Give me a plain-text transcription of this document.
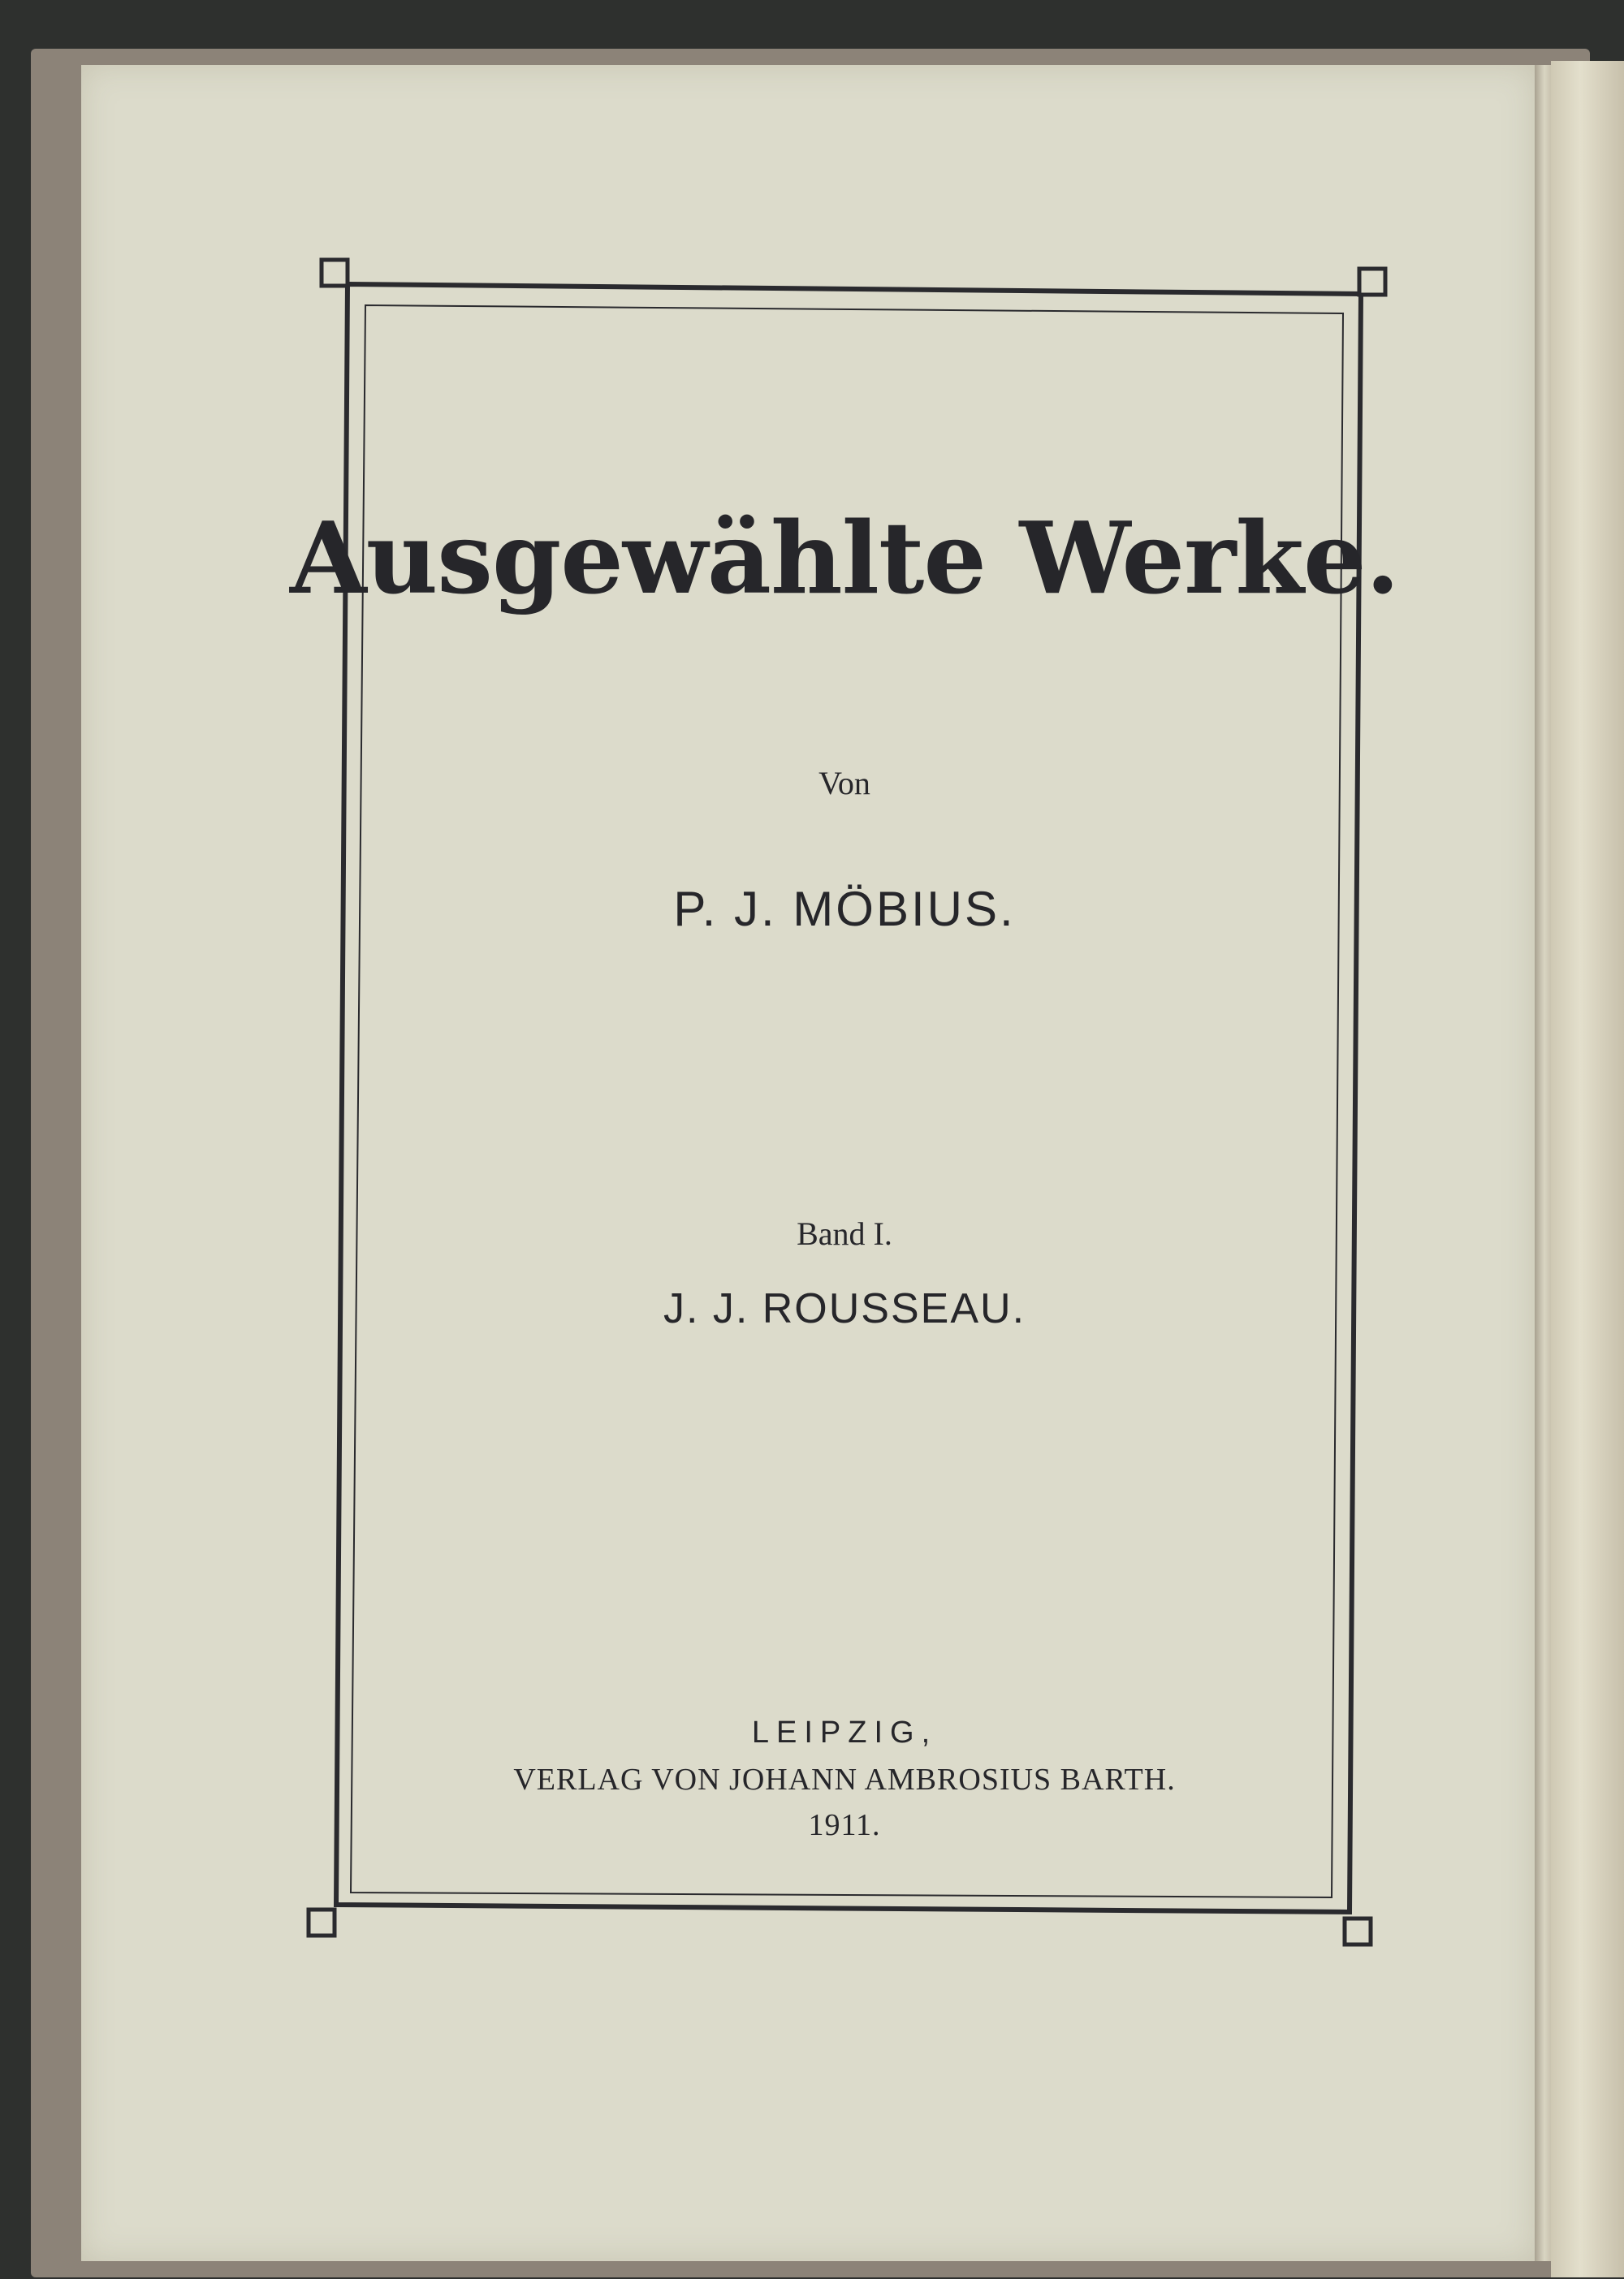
Ausgewählte Werke.

Von

P. J. MÖBIUS.

Band I.

J. J. ROUSSEAU.

LEIPZIG,

VERLAG VON JOHANN AMBROSIUS BARTH.

1911.
